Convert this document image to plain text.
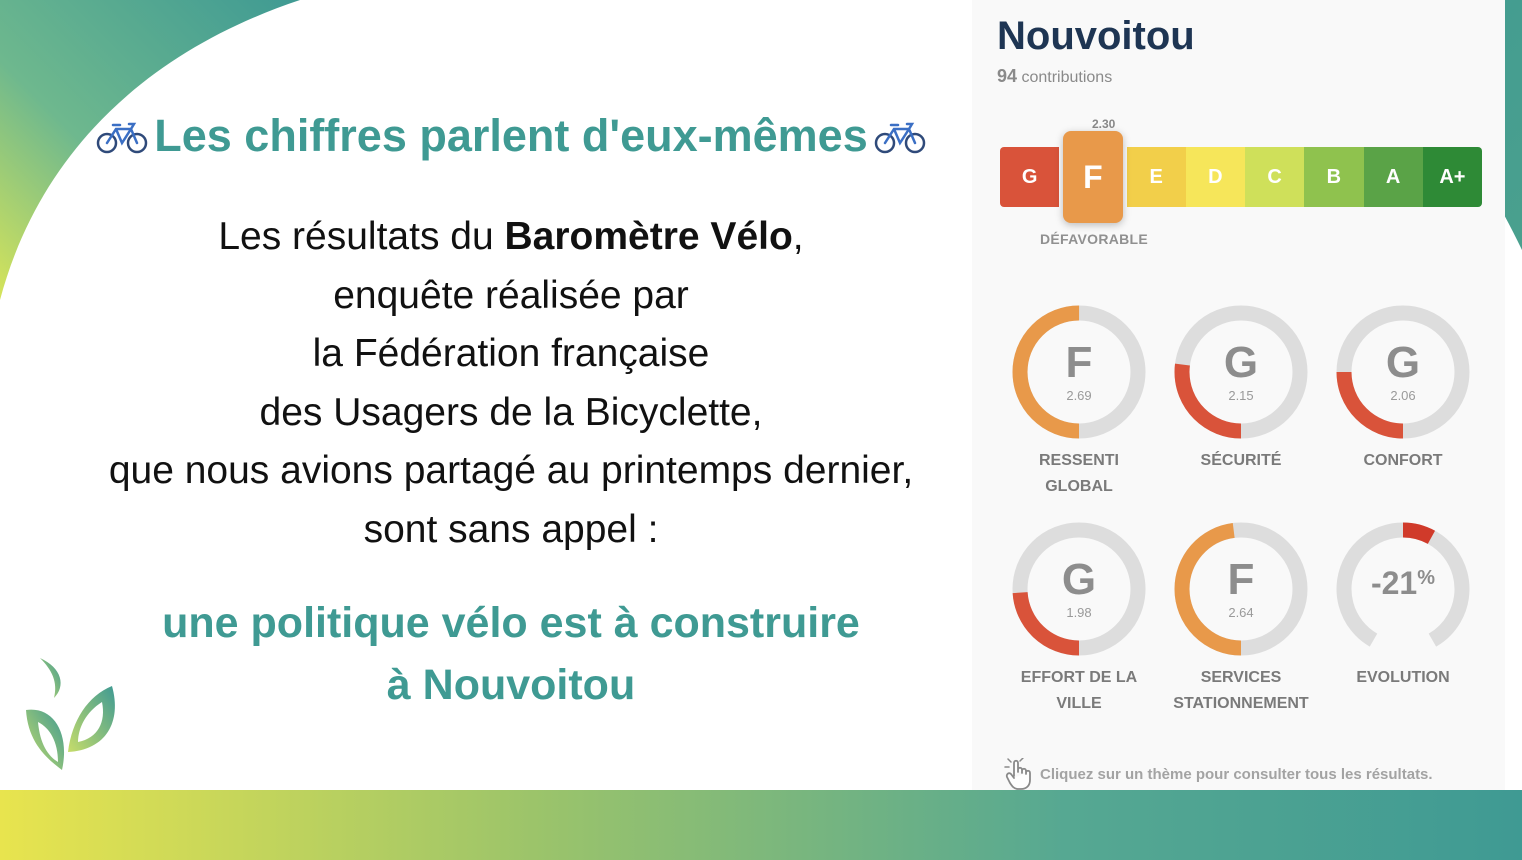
Les chiffres parlent d'eux-mêmes
Les résultats du Baromètre Vélo,
enquête réalisée par
la Fédération française
des Usagers de la Bicyclette,
que nous avions partagé au printemps dernier,
sont sans appel :
une politique vélo est à construire
à Nouvoitou
Nouvoitou
94 contributions
2.30
G	F	E	D	C	B	A	A+
DÉFAVORABLE
F
2.69
RESSENTI
GLOBAL
G
2.15
SÉCURITÉ
G
2.06
CONFORT
G
1.98
EFFORT DE LA
VILLE
F
2.64
SERVICES
STATIONNEMENT
-21%
EVOLUTION
Cliquez sur un thème pour consulter tous les résultats.
